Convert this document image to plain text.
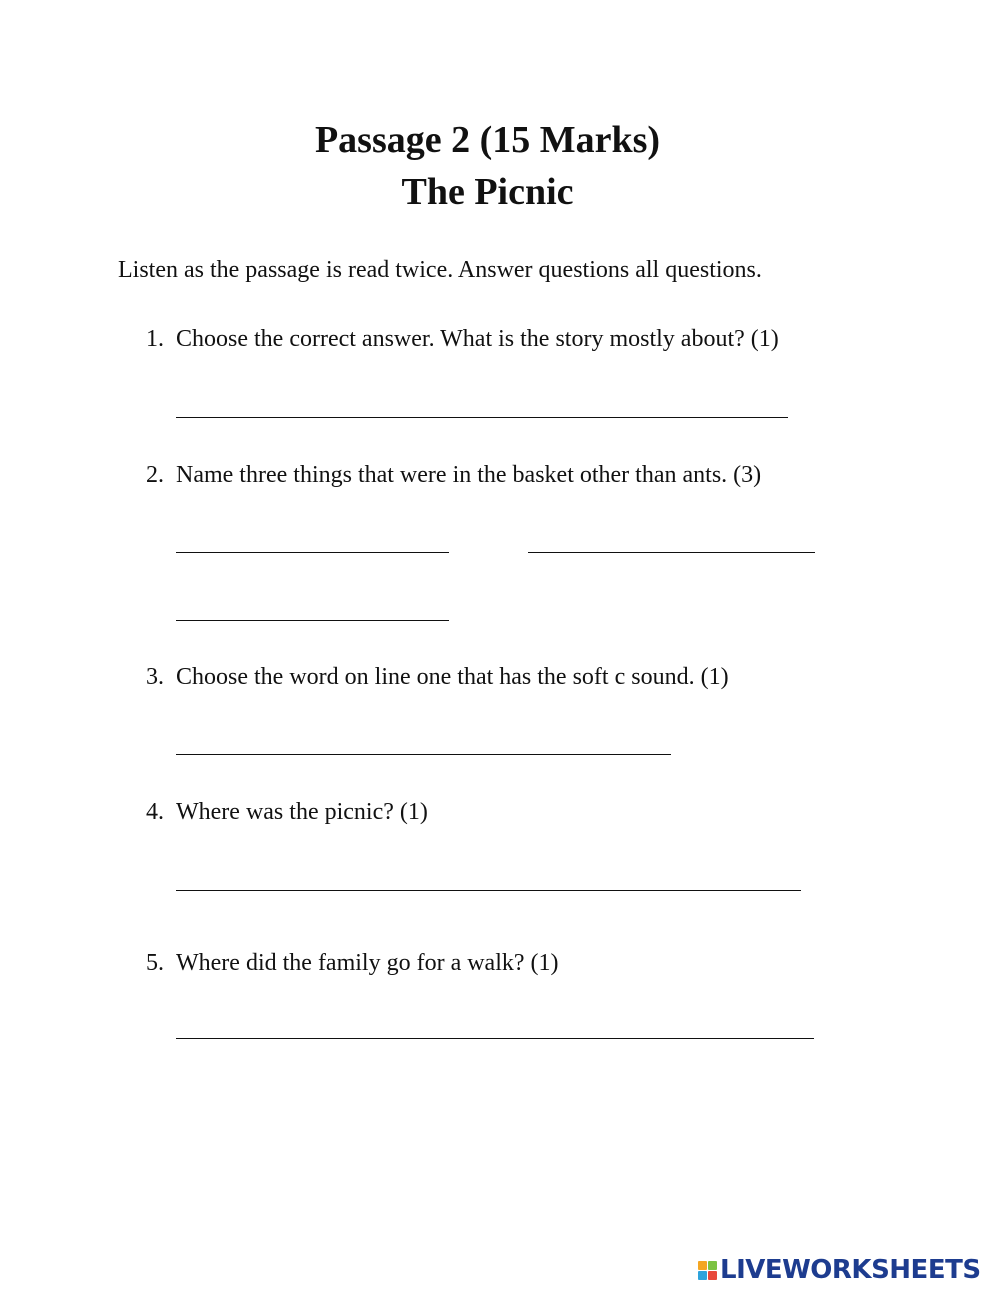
Passage 2 (15 Marks)
The Picnic
Listen as the passage is read twice. Answer questions all questions.
1. Choose the correct answer. What is the story mostly about? (1)
2. Name three things that were in the basket other than ants. (3)
3. Choose the word on line one that has the soft c sound. (1)
4. Where was the picnic? (1)
5. Where did the family go for a walk? (1)
LIVEWORKSHEETS
